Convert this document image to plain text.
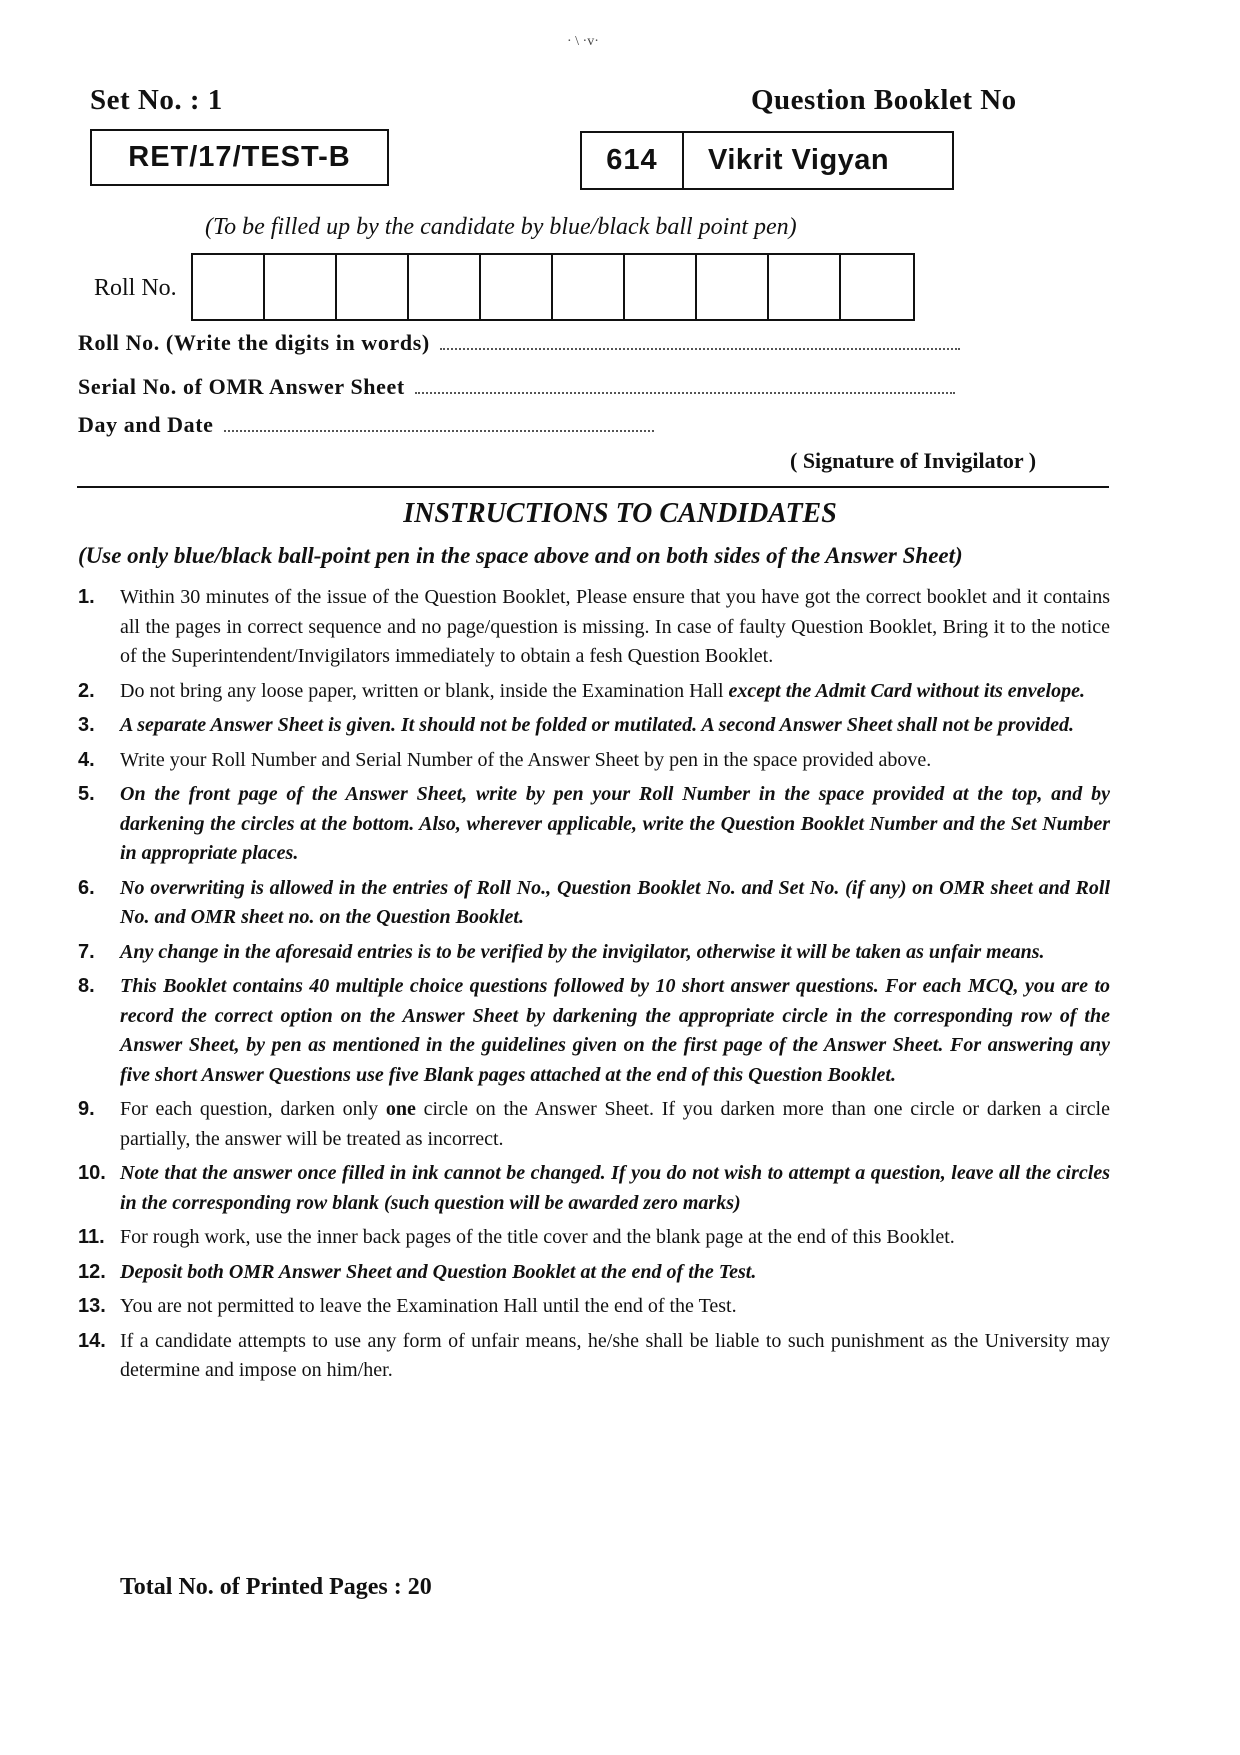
· \ ·v·
Set No. : 1	Question Booklet No
RET/17/TEST-B	614	Vikrit Vigyan
(To be filled up by the candidate by blue/black ball point pen)
Roll No.
Roll No. (Write the digits in words)
Serial No. of OMR Answer Sheet
Day and Date
( Signature of Invigilator )
INSTRUCTIONS TO CANDIDATES
(Use only blue/black ball-point pen in the space above and on both sides of the Answer Sheet)
1.	Within 30 minutes of the issue of the Question Booklet, Please ensure that you have got the correct booklet and it contains all the pages in correct sequence and no page/question is missing. In case of faulty Question Booklet, Bring it to the notice of the Superintendent/Invigilators immediately to obtain a fesh Question Booklet.
2.	Do not bring any loose paper, written or blank, inside the Examination Hall except the Admit Card without its envelope.
3.	A separate Answer Sheet is given. It should not be folded or mutilated. A second Answer Sheet shall not be provided.
4.	Write your Roll Number and Serial Number of the Answer Sheet by pen in the space provided above.
5.	On the front page of the Answer Sheet, write by pen your Roll Number in the space provided at the top, and by darkening the circles at the bottom. Also, wherever applicable, write the Question Booklet Number and the Set Number in appropriate places.
6.	No overwriting is allowed in the entries of Roll No., Question Booklet No. and Set No. (if any) on OMR sheet and Roll No. and OMR sheet no. on the Question Booklet.
7.	Any change in the aforesaid entries is to be verified by the invigilator, otherwise it will be taken as unfair means.
8.	This Booklet contains 40 multiple choice questions followed by 10 short answer questions. For each MCQ, you are to record the correct option on the Answer Sheet by darkening the appropriate circle in the corresponding row of the Answer Sheet, by pen as mentioned in the guidelines given on the first page of the Answer Sheet. For answering any five short Answer Questions use five Blank pages attached at the end of this Question Booklet.
9.	For each question, darken only one circle on the Answer Sheet. If you darken more than one circle or darken a circle partially, the answer will be treated as incorrect.
10. Note that the answer once filled in ink cannot be changed. If you do not wish to attempt a question, leave all the circles in the corresponding row blank (such question will be awarded zero marks)
11. For rough work, use the inner back pages of the title cover and the blank page at the end of this Booklet.
12. Deposit both OMR Answer Sheet and Question Booklet at the end of the Test.
13. You are not permitted to leave the Examination Hall until the end of the Test.
14. If a candidate attempts to use any form of unfair means, he/she shall be liable to such punishment as the University may determine and impose on him/her.
Total No. of Printed Pages : 20
